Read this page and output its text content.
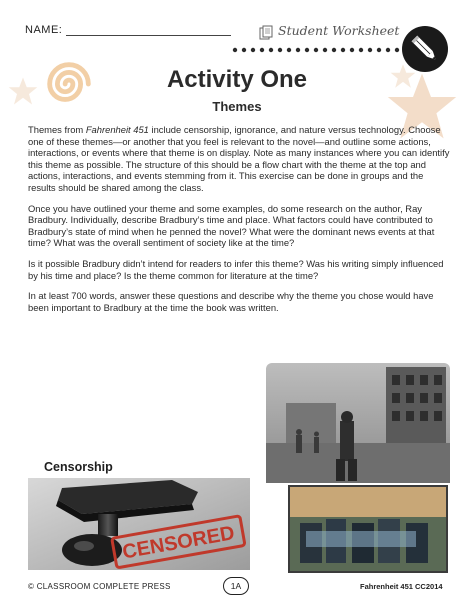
NAME:	Student Worksheet
Activity One
Themes

Themes from Fahrenheit 451 include censorship, ignorance, and nature versus technology. Choose one of these themes—or another that you feel is relevant to the novel—and outline some actions, interactions, or events where that theme is on display. Note as many instances where you can identify this theme as possible. The structure of this should be a flow chart with the theme at the top and actions, interactions, and events stemming from it. This exercise can be done in groups and the results should be shared among the class.

Once you have outlined your theme and some examples, do some research on the author, Ray Bradbury. Individually, describe Bradbury’s time and place. What factors could have contributed to Bradbury’s state of mind when he penned the novel? What were the dominant news events at that time? What was the overall sentiment of society like at the time?

Is it possible Bradbury didn’t intend for readers to infer this theme? Was his writing simply influenced by his time and place? Is the theme common for literature at the time?

In at least 700 words, answer these questions and describe why the theme you chose would have been important to Bradbury at the time the book was written.

Censorship
CENSORED
© CLASSROOM COMPLETE PRESS	1A	Fahrenheit 451 CC2014
